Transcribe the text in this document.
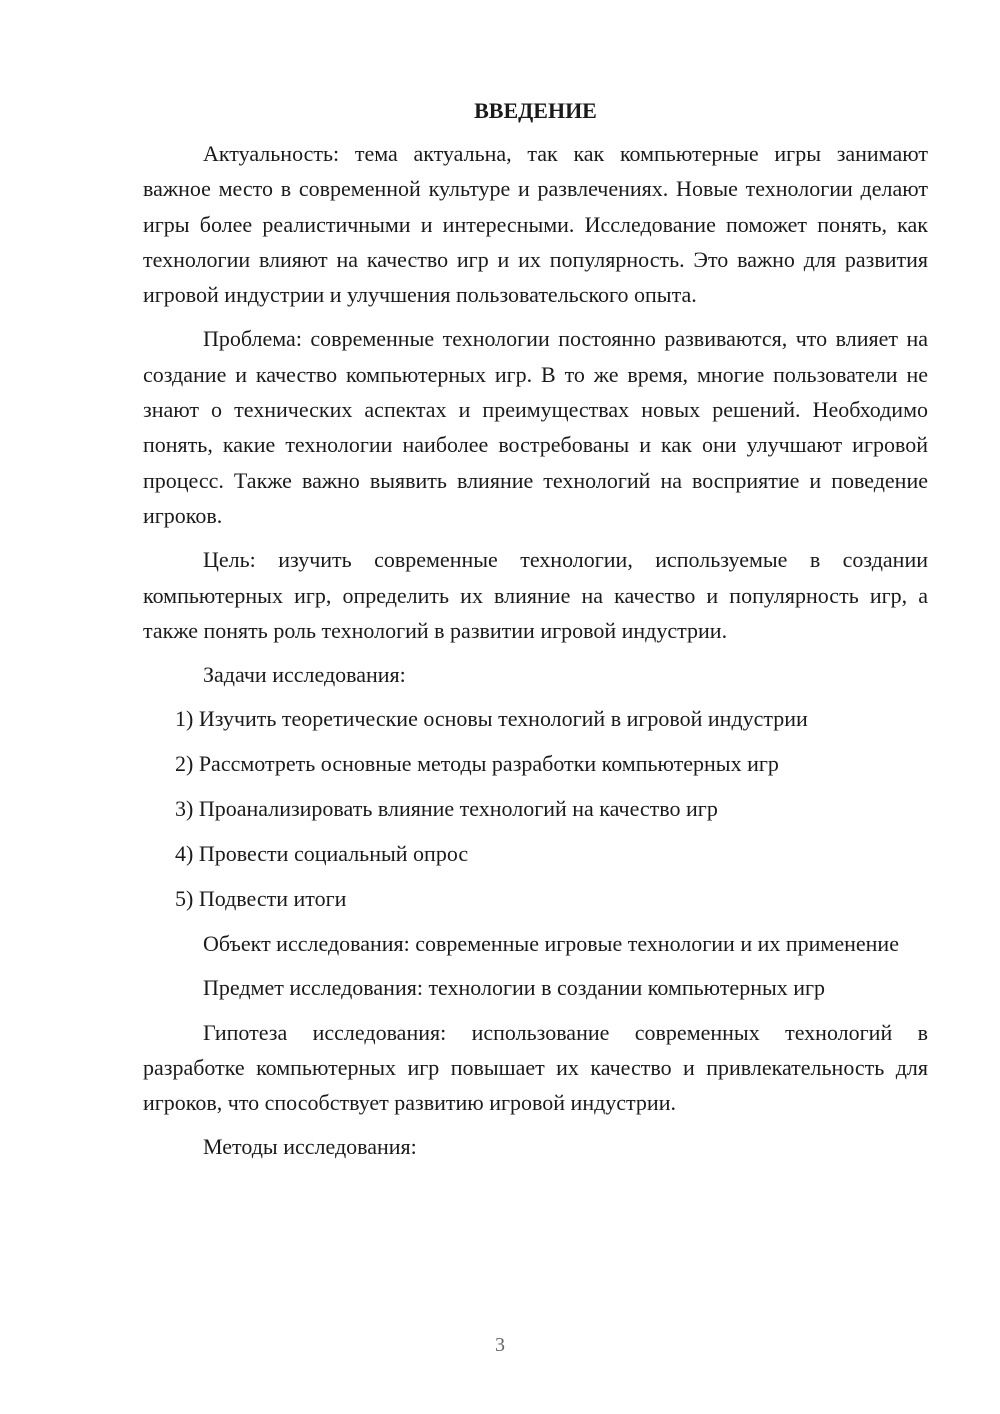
ВВЕДЕНИЕ

Актуальность: тема актуальна, так как компьютерные игры занимают важное место в современной культуре и развлечениях. Новые технологии делают игры более реалистичными и интересными. Исследование поможет понять, как технологии влияют на качество игр и их популярность. Это важно для развития игровой индустрии и улучшения пользовательского опыта.

Проблема: современные технологии постоянно развиваются, что влияет на создание и качество компьютерных игр. В то же время, многие пользователи не знают о технических аспектах и преимуществах новых решений. Необходимо понять, какие технологии наиболее востребованы и как они улучшают игровой процесс. Также важно выявить влияние технологий на восприятие и поведение игроков.

Цель: изучить современные технологии, используемые в создании компьютерных игр, определить их влияние на качество и популярность игр, а также понять роль технологий в развитии игровой индустрии.

Задачи исследования:

1) Изучить теоретические основы технологий в игровой индустрии
2) Рассмотреть основные методы разработки компьютерных игр
3) Проанализировать влияние технологий на качество игр
4) Провести социальный опрос
5) Подвести итоги

Объект исследования: современные игровые технологии и их применение

Предмет исследования: технологии в создании компьютерных игр

Гипотеза исследования: использование современных технологий в разработке компьютерных игр повышает их качество и привлекательность для игроков, что способствует развитию игровой индустрии.

Методы исследования:

3
